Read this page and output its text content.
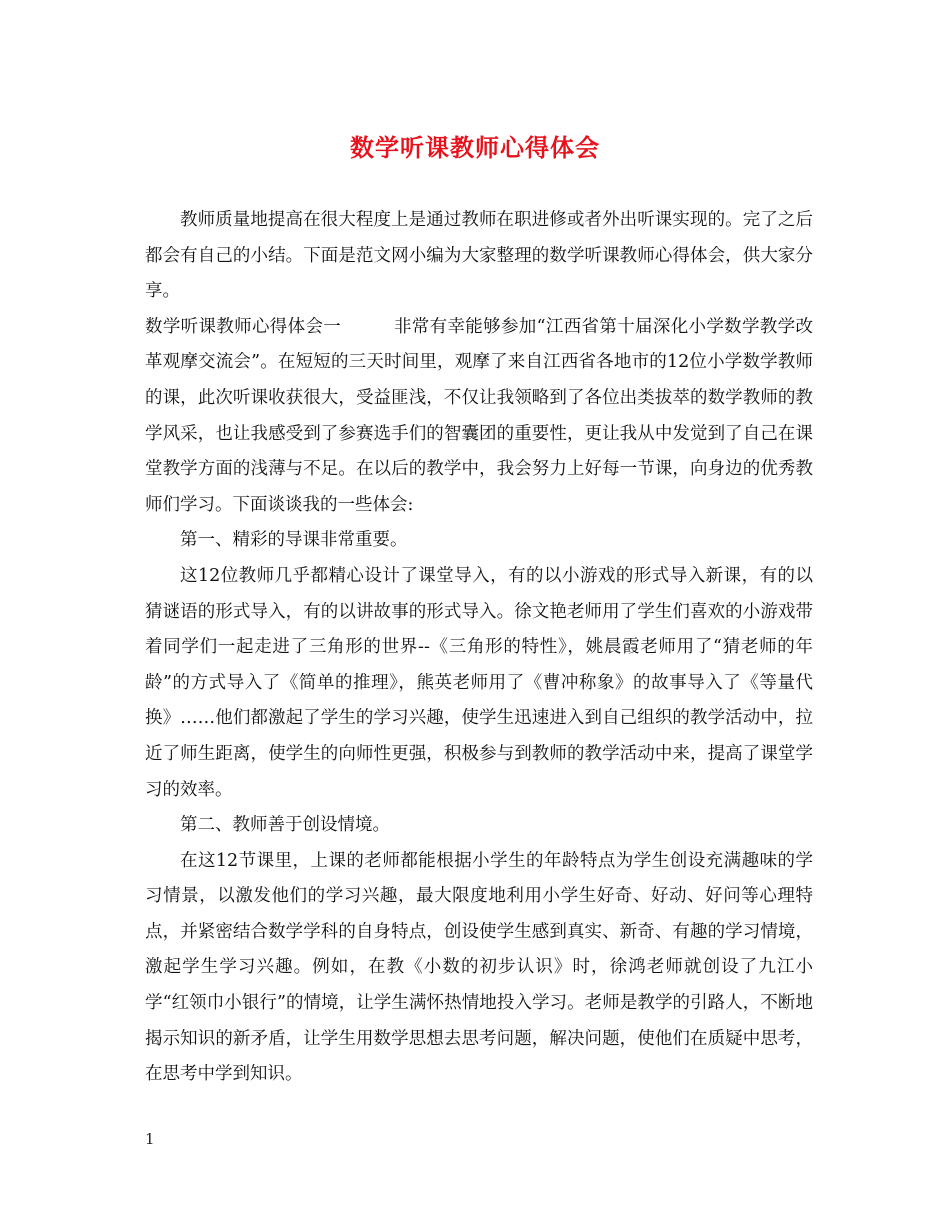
数学听课教师心得体会

教师质量地提高在很大程度上是通过教师在职进修或者外出听课实现的。完了之后都会有自己的小结。下面是范文网小编为大家整理的数学听课教师心得体会，供大家分享。

数学听课教师心得体会一	非常有幸能够参加“江西省第十届深化小学数学教学改革观摩交流会”。在短短的三天时间里，观摩了来自江西省各地市的12位小学数学教师的课，此次听课收获很大，受益匪浅，不仅让我领略到了各位出类拔萃的数学教师的教学风采，也让我感受到了参赛选手们的智囊团的重要性，更让我从中发觉到了自己在课堂教学方面的浅薄与不足。在以后的教学中，我会努力上好每一节课，向身边的优秀教师们学习。下面谈谈我的一些体会:

第一、精彩的导课非常重要。

这12位教师几乎都精心设计了课堂导入，有的以小游戏的形式导入新课，有的以猜谜语的形式导入，有的以讲故事的形式导入。徐文艳老师用了学生们喜欢的小游戏带着同学们一起走进了三角形的世界--《三角形的特性》，姚晨霞老师用了“猜老师的年龄”的方式导入了《简单的推理》，熊英老师用了《曹冲称象》的故事导入了《等量代换》……他们都激起了学生的学习兴趣，使学生迅速进入到自己组织的教学活动中，拉近了师生距离，使学生的向师性更强，积极参与到教师的教学活动中来，提高了课堂学习的效率。

第二、教师善于创设情境。

在这12节课里，上课的老师都能根据小学生的年龄特点为学生创设充满趣味的学习情景，以激发他们的学习兴趣，最大限度地利用小学生好奇、好动、好问等心理特点，并紧密结合数学学科的自身特点，创设使学生感到真实、新奇、有趣的学习情境，激起学生学习兴趣。例如，在教《小数的初步认识》时，徐鸿老师就创设了九江小学“红领巾小银行”的情境，让学生满怀热情地投入学习。老师是教学的引路人，不断地揭示知识的新矛盾，让学生用数学思想去思考问题，解决问题，使他们在质疑中思考，在思考中学到知识。

1
